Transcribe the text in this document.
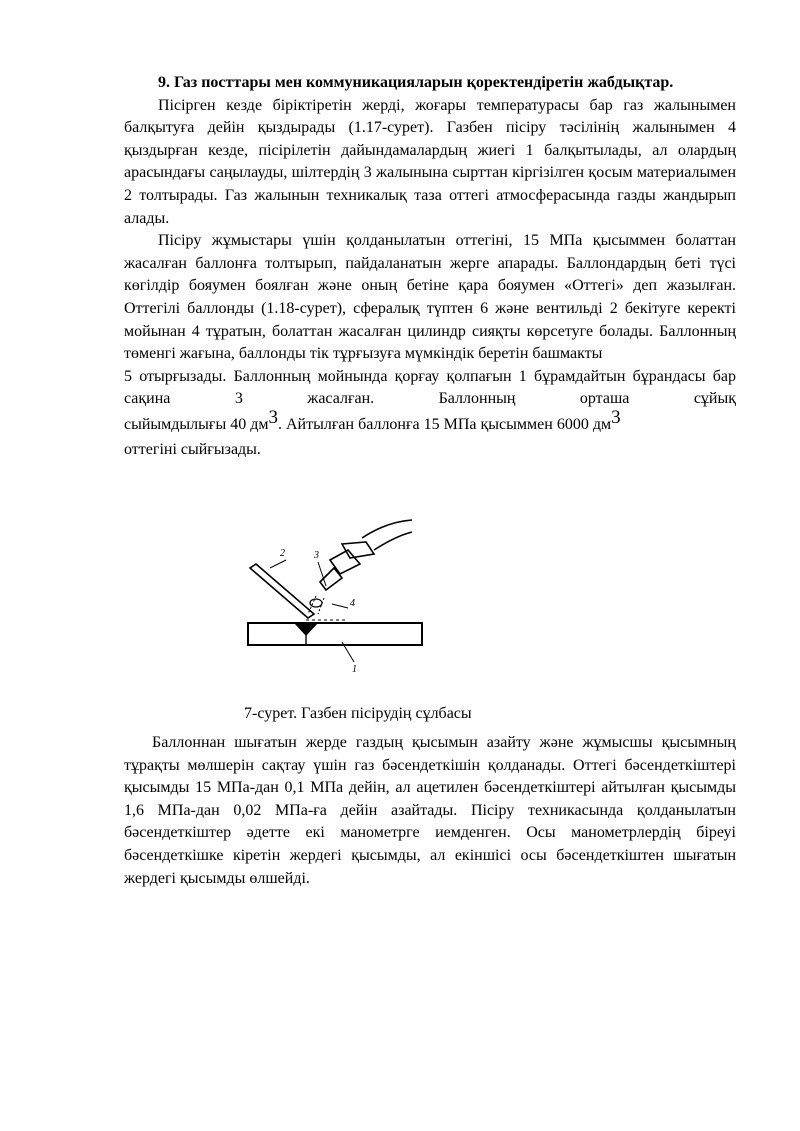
9. Газ посттары мен коммуникацияларын қоректендіретін жабдықтар.

Пісірген кезде біріктіретін жерді, жоғары температурасы бар газ жалынымен балқытуға дейін қыздырады (1.17-сурет). Газбен пісіру тәсілінің жалынымен 4 қыздырған кезде, пісірілетін дайындамалардың жиегі 1 балқытылады, ал олардың арасындағы саңылауды, шілтердің 3 жалынына сырттан кіргізілген қосым материалымен 2 толтырады. Газ жалынын техникалық таза оттегі атмосферасында газды жандырып алады.

Пісіру жұмыстары үшін қолданылатын оттегіні, 15 МПа қысыммен болаттан жасалған баллонға толтырып, пайдаланатын жерге апарады. Баллондардың беті түсі көгілдір бояумен боялған және оның бетіне қара бояумен «Оттегі» деп жазылған. Оттегілі баллонды (1.18-сурет), сфералық түптен 6 және вентильді 2 бекітуге керекті мойынан 4 тұратын, болаттан жасалған цилиндр сияқты көрсетуге болады. Баллонның төменгі жағына, баллонды тік тұрғызуға мүмкіндік беретін башмакты

5 отырғызады. Баллонның мойнында қорғау қолпағын 1 бұрамдайтын бұрандасы бар сақина 3 жасалған. Баллонның орташа сұйық

сыйымдылығы 40 $дм^3$. Айтылған баллонға 15 МПа қысыммен 6000 $дм^3$

оттегіні сыйғызады.

2	3
4
1
7-сурет. Газбен пісірудің сұлбасы

Баллоннан шығатын жерде газдың қысымын азайту және жұмысшы қысымның тұрақты мөлшерін сақтау үшін газ бәсендеткішін қолданады. Оттегі бәсендеткіштері қысымды 15 МПа-дан 0,1 МПа дейін, ал ацетилен бәсендеткіштері айтылған қысымды 1,6 МПа-дан 0,02 МПа-ға дейін азайтады. Пісіру техникасында қолданылатын бәсендеткіштер әдетте екі манометрге иемденген. Осы манометрлердің біреуі бәсендеткішке кіретін жердегі қысымды, ал екіншісі осы бәсендеткіштен шығатын жердегі қысымды өлшейді.
